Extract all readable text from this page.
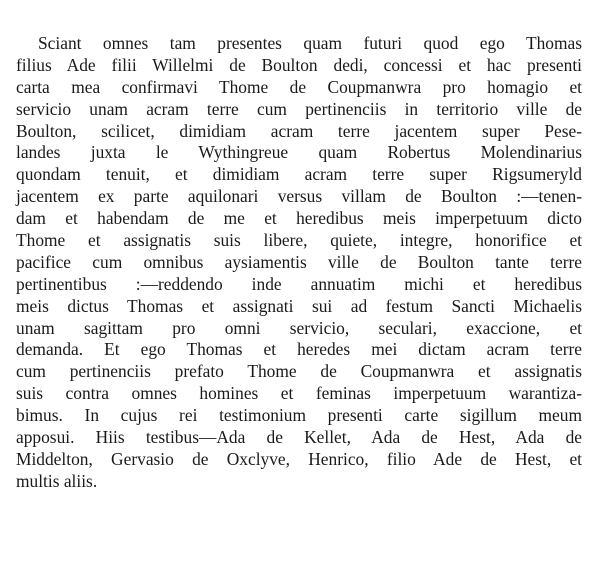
Sciant omnes tam presentes quam futuri quod ego Thomas
filius Ade filii Willelmi de Boulton dedi, concessi et hac presenti
carta mea confirmavi Thome de Coupmanwra pro homagio et
servicio unam acram terre cum pertinenciis in territorio ville de
Boulton, scilicet, dimidiam acram terre jacentem super Pese-
landes juxta le Wythingreue quam Robertus Molendinarius
quondam tenuit, et dimidiam acram terre super Rigsumeryld
jacentem ex parte aquilonari versus villam de Boulton :—tenen-
dam et habendam de me et heredibus meis imperpetuum dicto
Thome et assignatis suis libere, quiete, integre, honorifice et
pacifice cum omnibus aysiamentis ville de Boulton tante terre
pertinentibus :—reddendo inde annuatim michi et heredibus
meis dictus Thomas et assignati sui ad festum Sancti Michaelis
unam sagittam pro omni servicio, seculari, exaccione, et
demanda. Et ego Thomas et heredes mei dictam acram terre
cum pertinenciis prefato Thome de Coupmanwra et assignatis
suis contra omnes homines et feminas imperpetuum warantiza-
bimus. In cujus rei testimonium presenti carte sigillum meum
apposui. Hiis testibus—Ada de Kellet, Ada de Hest, Ada de
Middelton, Gervasio de Oxclyve, Henrico, filio Ade de Hest, et
multis aliis.
